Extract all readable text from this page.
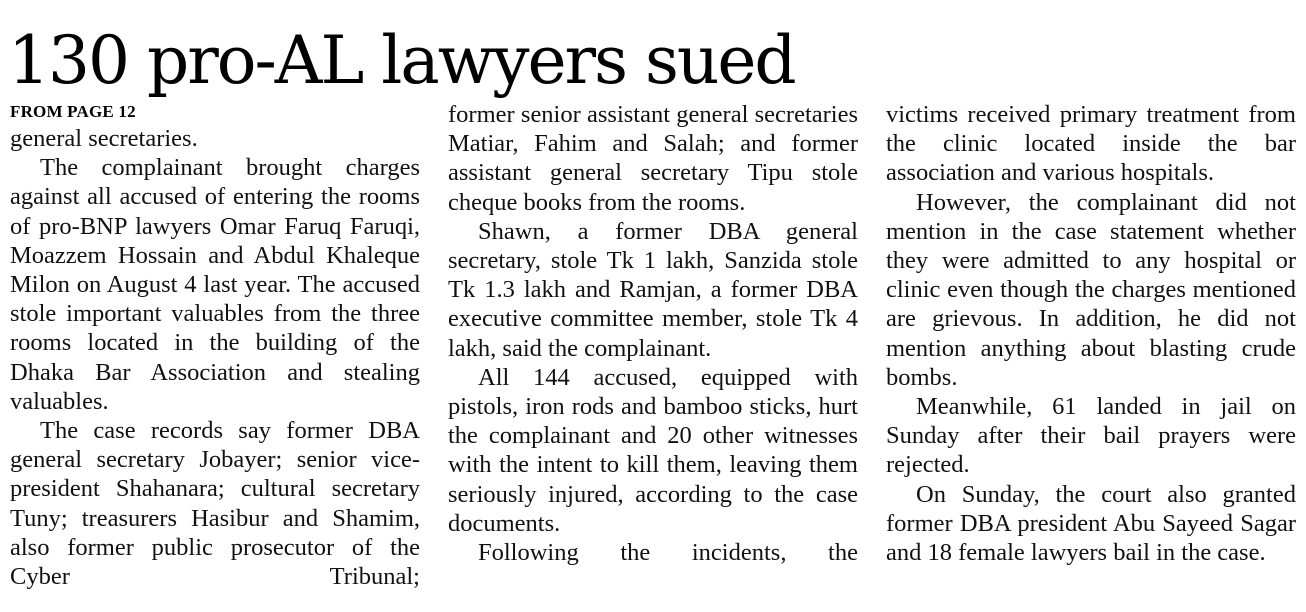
130 pro-AL lawyers sued
FROM PAGE 12

general secretaries.

The complainant brought charges against all accused of entering the rooms of pro-BNP lawyers Omar Faruq Faruqi, Moazzem Hossain and Abdul Khaleque Milon on August 4 last year. The accused stole important valuables from the three rooms located in the building of the Dhaka Bar Association and stealing valuables.

The case records say former DBA general secretary Jobayer; senior vice-president Shahanara; cultural secretary Tuny; treasurers Hasibur and Shamim, also former public prosecutor of the Cyber Tribunal;

former senior assistant general secretaries Matiar, Fahim and Salah; and former assistant general secretary Tipu stole cheque books from the rooms.

Shawn, a former DBA general secretary, stole Tk 1 lakh, Sanzida stole Tk 1.3 lakh and Ramjan, a former DBA executive committee member, stole Tk 4 lakh, said the complainant.

All 144 accused, equipped with pistols, iron rods and bamboo sticks, hurt the complainant and 20 other witnesses with the intent to kill them, leaving them seriously injured, according to the case documents.

Following the incidents, the

victims received primary treatment from the clinic located inside the bar association and various hospitals.

However, the complainant did not mention in the case statement whether they were admitted to any hospital or clinic even though the charges mentioned are grievous. In addition, he did not mention anything about blasting crude bombs.

Meanwhile, 61 landed in jail on Sunday after their bail prayers were rejected.

On Sunday, the court also granted former DBA president Abu Sayeed Sagar and 18 female lawyers bail in the case.
